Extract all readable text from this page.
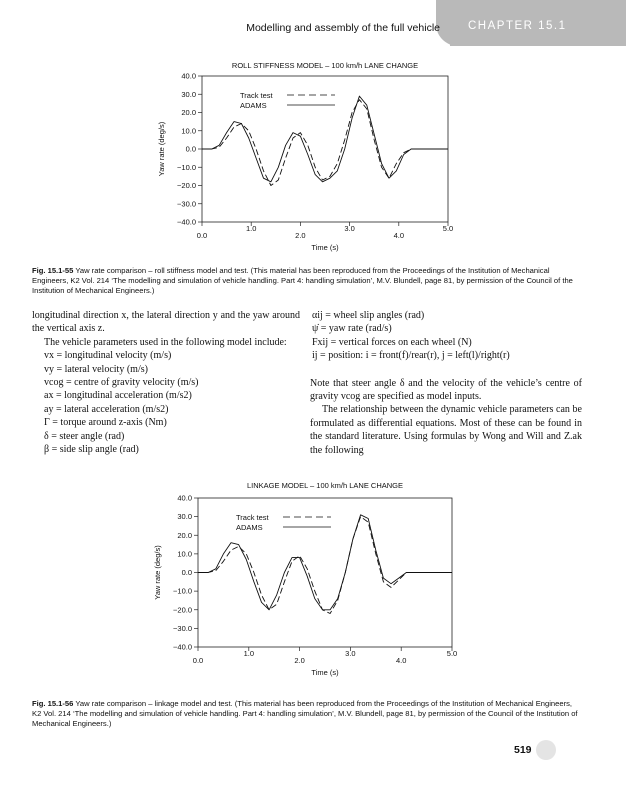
Modelling and assembly of the full vehicle	CHAPTER 15.1
ROLL STIFFNESS MODEL – 100 km/h LANE CHANGE
40.0
30.0
20.0
10.0
0.0
−10.0
−20.0
−30.0
−40.0
0.0
1.0
2.0
3.0
4.0
5.0
Time (s)
Yaw rate (deg/s)
Track test
ADAMS
Fig. 15.1-55 Yaw rate comparison – roll stiffness model and test. (This material has been reproduced from the Proceedings of the Institution of Mechanical Engineers, K2 Vol. 214 ‘The modelling and simulation of vehicle handling. Part 4: handling simulation’, M.V. Blundell, page 81, by permission of the Council of the Institution of Mechanical Engineers.)

longitudinal direction x, the lateral direction y and the yaw around the vertical axis z.

The vehicle parameters used in the following model include:

vx = longitudinal velocity (m/s)

vy = lateral velocity (m/s)

vcog = centre of gravity velocity (m/s)

ax = longitudinal acceleration (m/s2)

ay = lateral acceleration (m/s2)

Γ = torque around z-axis (Nm)

δ = steer angle (rad)

β = side slip angle (rad)

αij = wheel slip angles (rad)

ψ̇ = yaw rate (rad/s)

Fxij = vertical forces on each wheel (N)

ij = position: i = front(f)/rear(r), j = left(l)/right(r)

Note that steer angle δ and the velocity of the vehicle’s centre of gravity vcog are specified as model inputs.

The relationship between the dynamic vehicle parameters can be formulated as differential equations. Most of these can be found in the standard literature. Using formulas by Wong and Will and Z.ak the following

LINKAGE MODEL – 100 km/h LANE CHANGE
40.0
30.0
20.0
10.0
0.0
−10.0
−20.0
−30.0
−40.0
0.0
1.0
2.0
3.0
4.0
5.0
Time (s)
Yaw rate (deg/s)
Track test
ADAMS
Fig. 15.1-56 Yaw rate comparison – linkage model and test. (This material has been reproduced from the Proceedings of the Institution of Mechanical Engineers, K2 Vol. 214 ‘The modelling and simulation of vehicle handling. Part 4: handling simulation’, M.V. Blundell, page 81, by permission of the Council of the Institution of Mechanical Engineers.)
519
